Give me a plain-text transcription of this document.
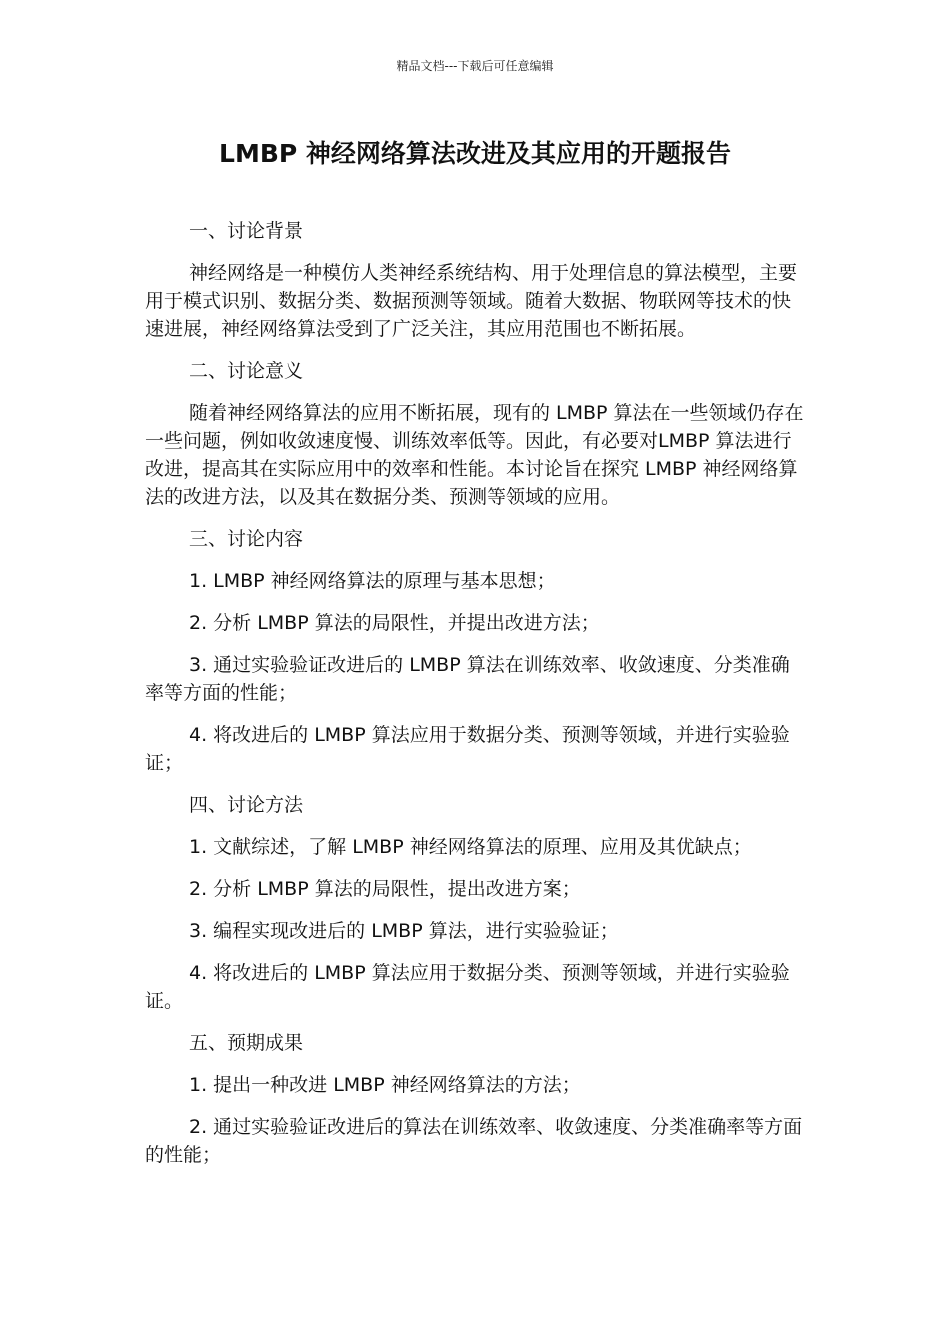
精品文档---下载后可任意编辑
LMBP 神经网络算法改进及其应用的开题报告

一、讨论背景

神经网络是一种模仿人类神经系统结构、用于处理信息的算法模型，主要用于模式识别、数据分类、数据预测等领域。随着大数据、物联网等技术的快速进展，神经网络算法受到了广泛关注，其应用范围也不断拓展。

二、讨论意义

随着神经网络算法的应用不断拓展，现有的 LMBP 算法在一些领域仍存在一些问题，例如收敛速度慢、训练效率低等。因此，有必要对LMBP 算法进行改进，提高其在实际应用中的效率和性能。本讨论旨在探究 LMBP 神经网络算法的改进方法，以及其在数据分类、预测等领域的应用。

三、讨论内容

1. LMBP 神经网络算法的原理与基本思想；

2. 分析 LMBP 算法的局限性，并提出改进方法；

3. 通过实验验证改进后的 LMBP 算法在训练效率、收敛速度、分类准确率等方面的性能；

4. 将改进后的 LMBP 算法应用于数据分类、预测等领域，并进行实验验证；

四、讨论方法

1. 文献综述，了解 LMBP 神经网络算法的原理、应用及其优缺点；

2. 分析 LMBP 算法的局限性，提出改进方案；

3. 编程实现改进后的 LMBP 算法，进行实验验证；

4. 将改进后的 LMBP 算法应用于数据分类、预测等领域，并进行实验验证。

五、预期成果

1. 提出一种改进 LMBP 神经网络算法的方法；

2. 通过实验验证改进后的算法在训练效率、收敛速度、分类准确率等方面的性能；
